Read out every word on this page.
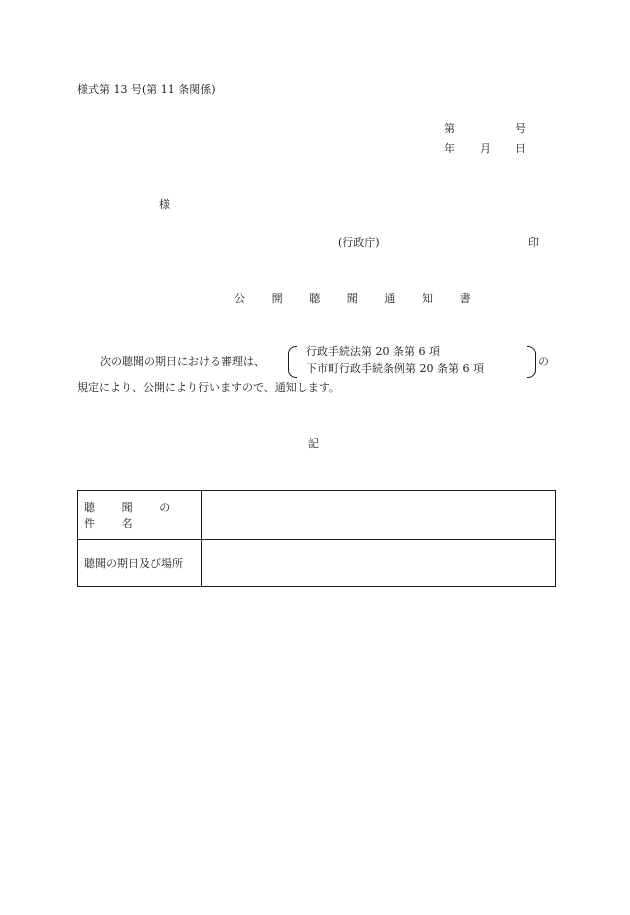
様式第 13 号(第 11 条関係)
第	号
年 月 日
様
(行政庁)	印
公 開 聴 聞 通 知 書
次の聴聞の期日における審理は、
行政手続法第 20 条第 6 項
下市町行政手続条例第 20 条第 6 項
の
規定により、公開により行いますので、通知します。
記
聴 聞 の 件 名	
聴聞の期日及び場所	
